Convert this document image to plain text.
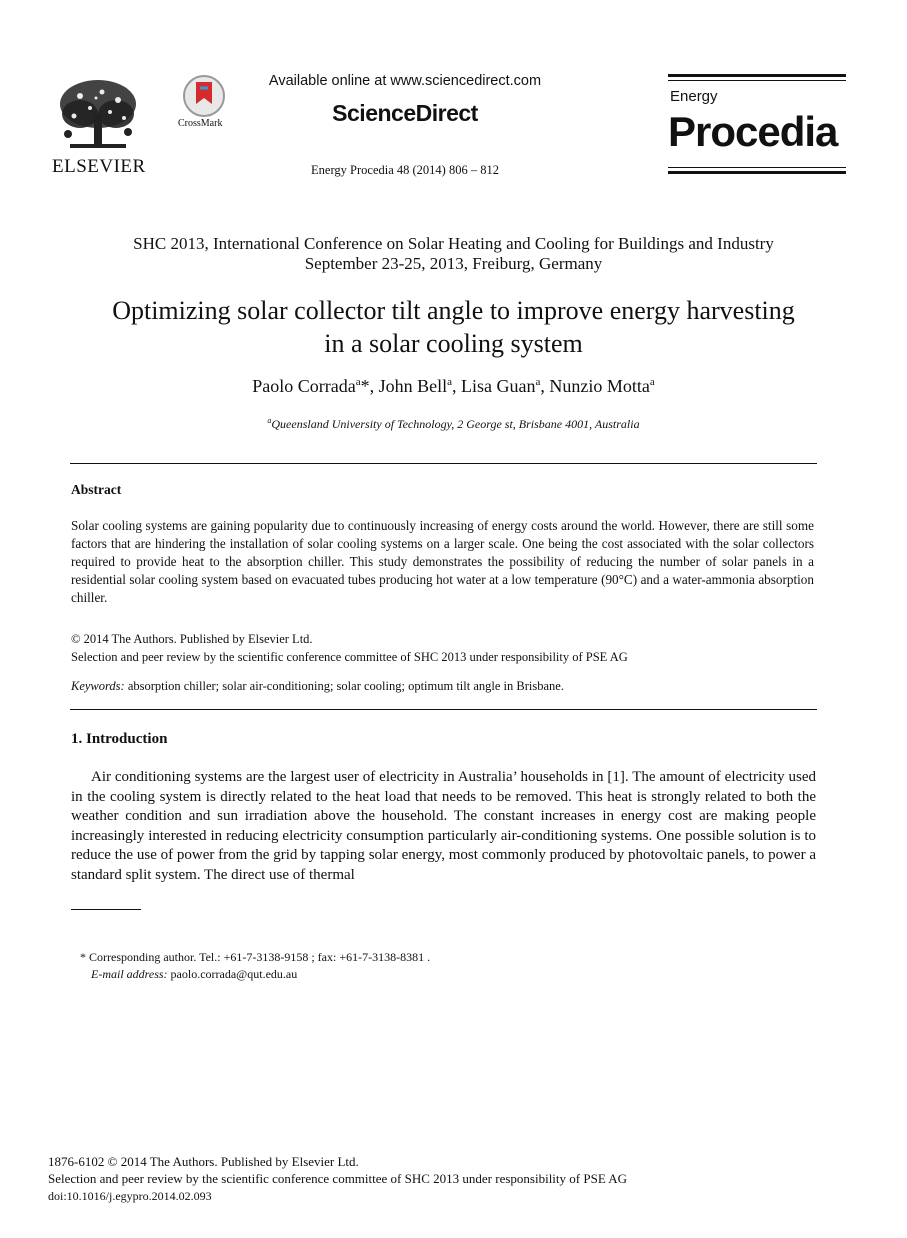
ELSEVIER
CrossMark
Available online at www.sciencedirect.com
ScienceDirect
Energy Procedia 48 (2014) 806 – 812
Energy
Procedia
SHC 2013, International Conference on Solar Heating and Cooling for Buildings and Industry
September 23-25, 2013, Freiburg, Germany
Optimizing solar collector tilt angle to improve energy harvesting
in a solar cooling system
Paolo Corrada$^a$*, John Bell$^a$, Lisa Guan$^a$, Nunzio Motta$^a$
$^a$Queensland University of Technology, 2 George st, Brisbane 4001, Australia
Abstract
Solar cooling systems are gaining popularity due to continuously increasing of energy costs around the world. However, there are still some factors that are hindering the installation of solar cooling systems on a larger scale. One being the cost associated with the solar collectors required to provide heat to the absorption chiller. This study demonstrates the possibility of reducing the number of solar panels in a residential solar cooling system based on evacuated tubes producing hot water at a low temperature (90°C) and a water-ammonia absorption chiller.
© 2014 The Authors. Published by Elsevier Ltd.
Selection and peer review by the scientific conference committee of SHC 2013 under responsibility of PSE AG
Keywords: absorption chiller; solar air-conditioning; solar cooling; optimum tilt angle in Brisbane.
1. Introduction
Air conditioning systems are the largest user of electricity in Australia’ households in [1]. The amount of electricity used in the cooling system is directly related to the heat load that needs to be removed. This heat is strongly related to both the weather condition and sun irradiation above the household. The constant increases in energy cost are making people increasingly interested in reducing electricity consumption particularly air-conditioning systems. One possible solution is to reduce the use of power from the grid by tapping solar energy, most commonly produced by photovoltaic panels, to power a standard split system. The direct use of thermal
* Corresponding author. Tel.: +61-7-3138-9158 ; fax: +61-7-3138-8381 .
E-mail address: paolo.corrada@qut.edu.au
1876-6102 © 2014 The Authors. Published by Elsevier Ltd.
Selection and peer review by the scientific conference committee of SHC 2013 under responsibility of PSE AG
doi:10.1016/j.egypro.2014.02.093
